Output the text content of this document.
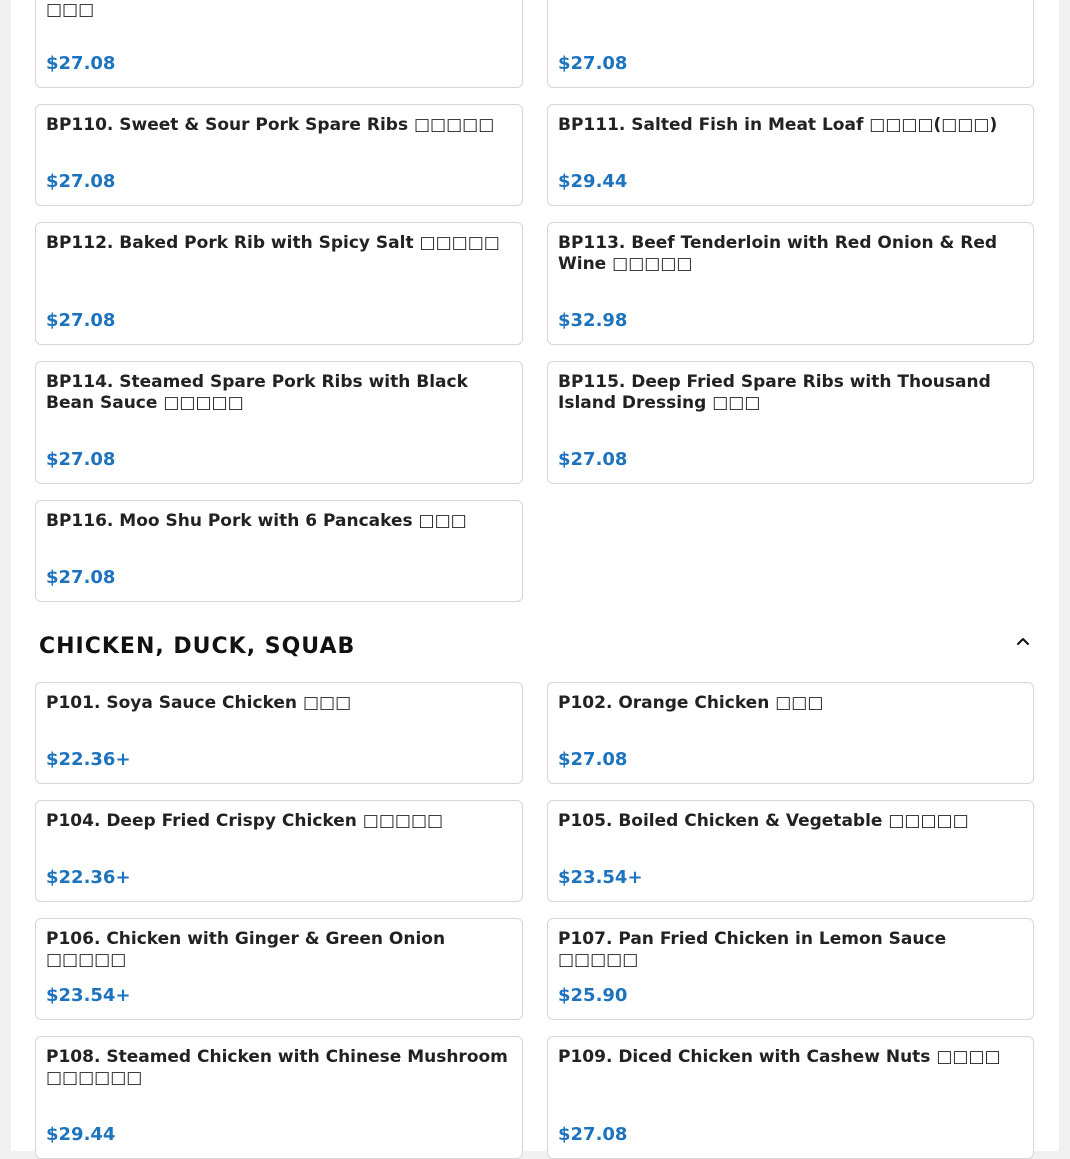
□□□

$27.08	$27.08

BP110. Sweet & Sour Pork Spare Ribs □□□□□

$27.08

BP111. Salted Fish in Meat Loaf □□□□(□□□)

$29.44

BP112. Baked Pork Rib with Spicy Salt □□□□□

$27.08

BP113. Beef Tenderloin with Red Onion & Red Wine □□□□□

$32.98

BP114. Steamed Spare Pork Ribs with Black Bean Sauce □□□□□

$27.08

BP115. Deep Fried Spare Ribs with Thousand Island Dressing □□□

$27.08

BP116. Moo Shu Pork with 6 Pancakes □□□

$27.08
CHICKEN, DUCK, SQUAB

P101. Soya Sauce Chicken □□□

$22.36+

P102. Orange Chicken □□□

$27.08

P104. Deep Fried Crispy Chicken □□□□□

$22.36+

P105. Boiled Chicken & Vegetable □□□□□

$23.54+

P106. Chicken with Ginger & Green Onion □□□□□

$23.54+

P107. Pan Fried Chicken in Lemon Sauce □□□□□

$25.90

P108. Steamed Chicken with Chinese Mushroom □□□□□□

$29.44

P109. Diced Chicken with Cashew Nuts □□□□

$27.08
